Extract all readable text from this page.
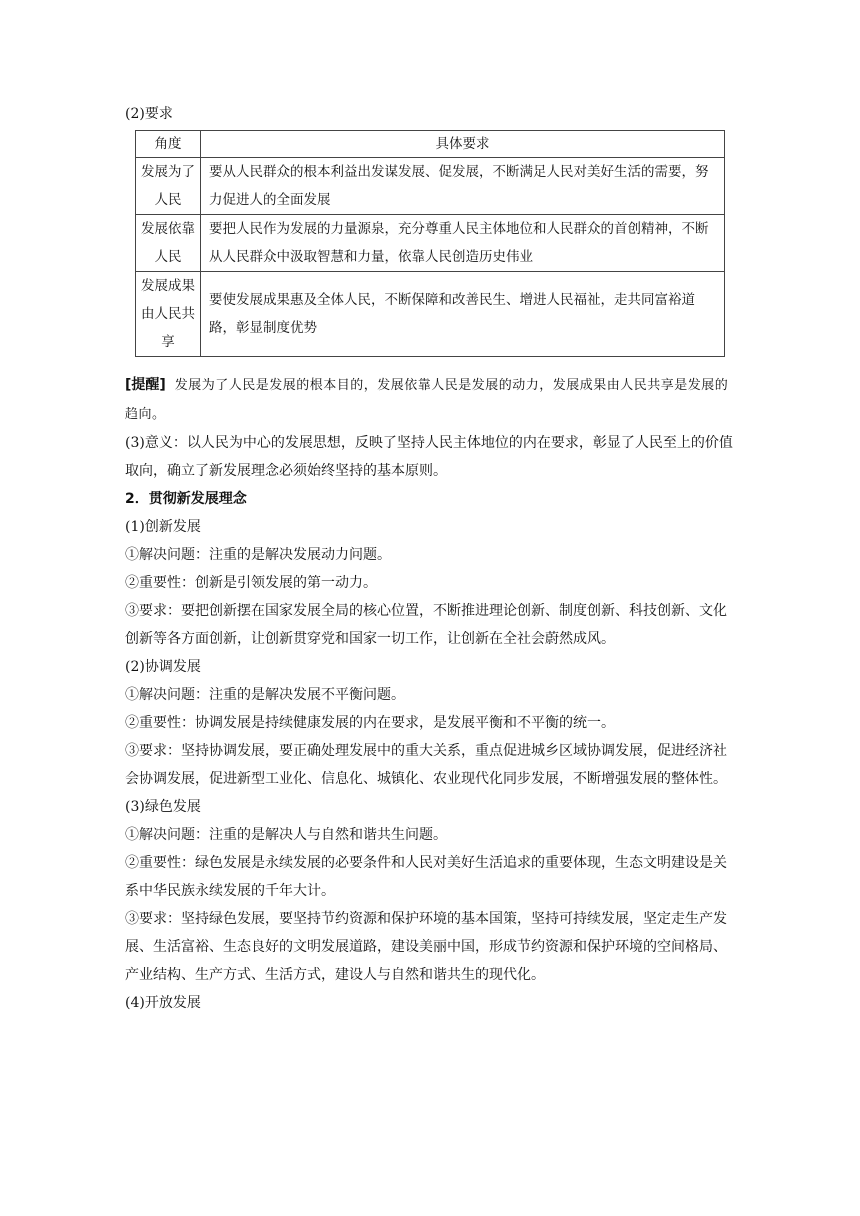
(2)要求

角度	具体要求
发展为了人民	要从人民群众的根本利益出发谋发展、促发展，不断满足人民对美好生活的需要，努力促进人的全面发展
发展依靠人民	要把人民作为发展的力量源泉，充分尊重人民主体地位和人民群众的首创精神，不断从人民群众中汲取智慧和力量，依靠人民创造历史伟业
发展成果由人民共享	要使发展成果惠及全体人民，不断保障和改善民生、增进人民福祉，走共同富裕道路，彰显制度优势

[提醒] 发展为了人民是发展的根本目的，发展依靠人民是发展的动力，发展成果由人民共享是发展的趋向。

(3)意义：以人民为中心的发展思想，反映了坚持人民主体地位的内在要求，彰显了人民至上的价值取向，确立了新发展理念必须始终坚持的基本原则。

2．贯彻新发展理念

(1)创新发展

①解决问题：注重的是解决发展动力问题。

②重要性：创新是引领发展的第一动力。

③要求：要把创新摆在国家发展全局的核心位置，不断推进理论创新、制度创新、科技创新、文化创新等各方面创新，让创新贯穿党和国家一切工作，让创新在全社会蔚然成风。

(2)协调发展

①解决问题：注重的是解决发展不平衡问题。

②重要性：协调发展是持续健康发展的内在要求，是发展平衡和不平衡的统一。

③要求：坚持协调发展，要正确处理发展中的重大关系，重点促进城乡区域协调发展，促进经济社会协调发展，促进新型工业化、信息化、城镇化、农业现代化同步发展，不断增强发展的整体性。

(3)绿色发展

①解决问题：注重的是解决人与自然和谐共生问题。

②重要性：绿色发展是永续发展的必要条件和人民对美好生活追求的重要体现，生态文明建设是关系中华民族永续发展的千年大计。

③要求：坚持绿色发展，要坚持节约资源和保护环境的基本国策，坚持可持续发展，坚定走生产发展、生活富裕、生态良好的文明发展道路，建设美丽中国，形成节约资源和保护环境的空间格局、产业结构、生产方式、生活方式，建设人与自然和谐共生的现代化。

(4)开放发展
